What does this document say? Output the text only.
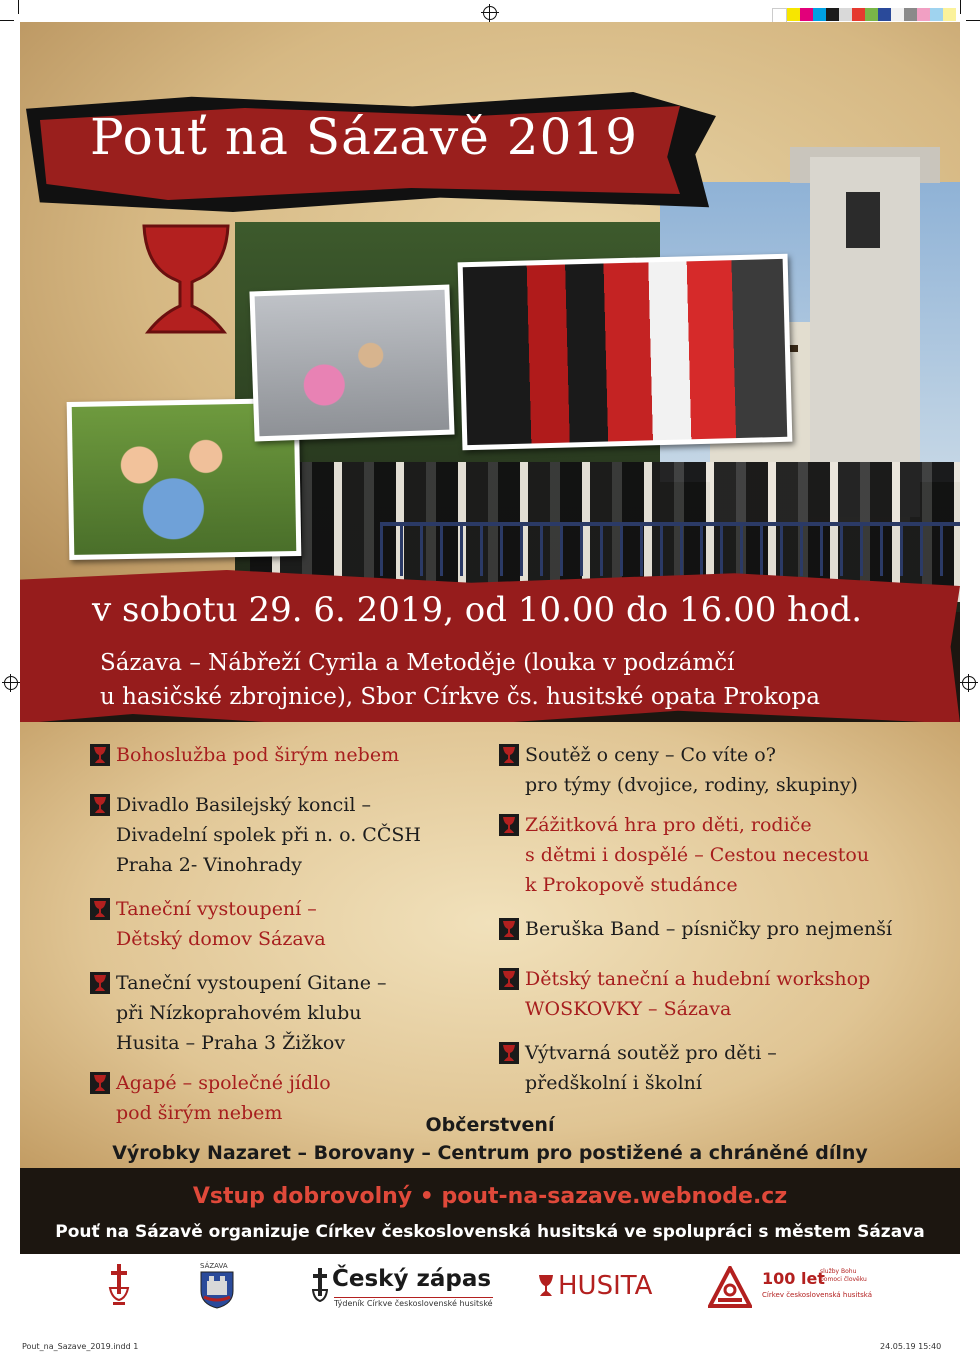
Pouť na Sázavě 2019
v sobotu 29. 6. 2019, od 10.00 do 16.00 hod.
Sázava – Nábřeží Cyrila a Metoděje (louka v podzámčí
u hasičské zbrojnice), Sbor Církve čs. husitské opata Prokopa
Bohoslužba pod širým nebem
Divadlo Basilejský koncil –
Divadelní spolek při n. o. CČSH
Praha 2- Vinohrady
Taneční vystoupení –
Dětský domov Sázava
Taneční vystoupení Gitane –
při Nízkoprahovém klubu
Husita – Praha 3 Žižkov
Agapé – společné jídlo
pod širým nebem
Soutěž o ceny – Co víte o?
pro týmy (dvojice, rodiny, skupiny)
Zážitková hra pro děti, rodiče
s dětmi i dospělé – Cestou necestou
k Prokopově studánce
Beruška Band – písničky pro nejmenší
Dětský taneční a hudební workshop
WOSKOVKY – Sázava
Výtvarná soutěž pro děti –
předškolní i školní
Občerstvení
Výrobky Nazaret – Borovany – Centrum pro postižené a chráněné dílny
Vstup dobrovolný • pout-na-sazave.webnode.cz
Pouť na Sázavě organizuje Církev československá husitská ve spolupráci s městem Sázava
SÁZAVA	Český zápas
Týdeník Církve československé husitské
HUSITA	100 let
služby Bohu
pomoci člověku
Církev československá husitská
Pout_na_Sazave_2019.indd 1	24.05.19 15:40
